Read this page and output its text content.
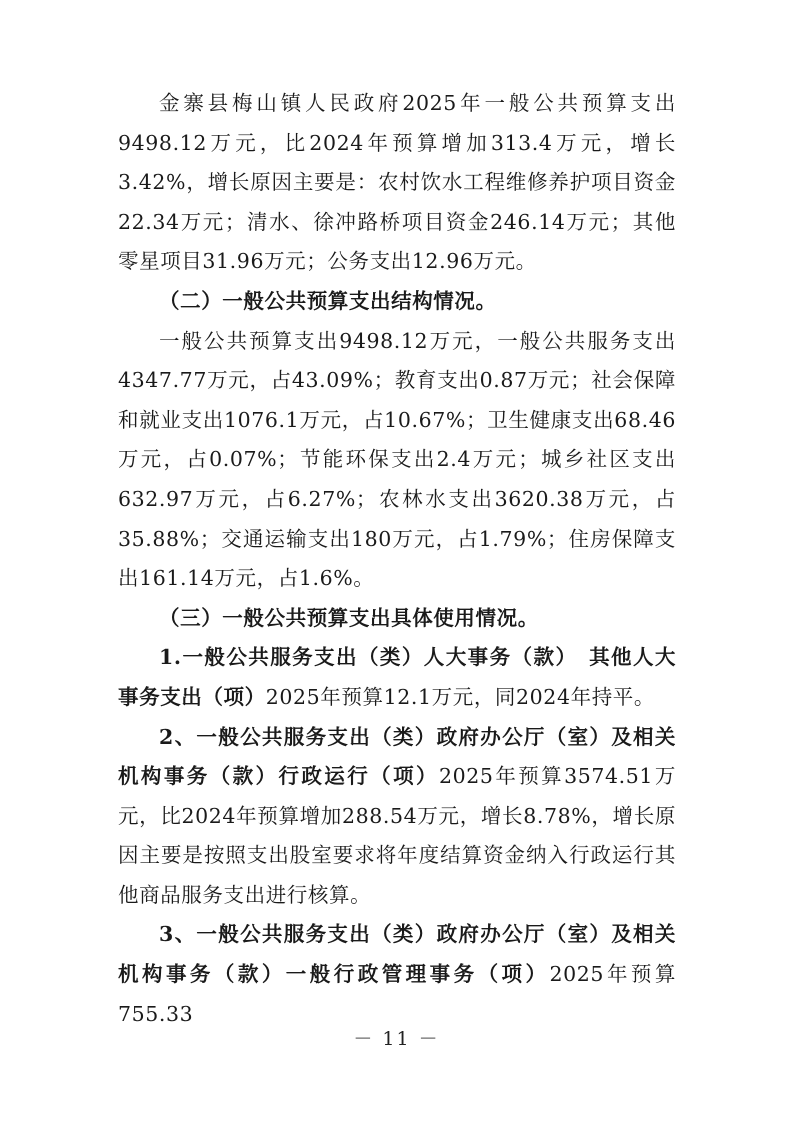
金寨县梅山镇人民政府2025年一般公共预算支出9498.12万元，比2024年预算增加313.4万元，增长3.42%，增长原因主要是：农村饮水工程维修养护项目资金22.34万元；清水、徐冲路桥项目资金246.14万元；其他零星项目31.96万元；公务支出12.96万元。

（二）一般公共预算支出结构情况。

一般公共预算支出9498.12万元，一般公共服务支出4347.77万元，占43.09%；教育支出0.87万元；社会保障和就业支出1076.1万元，占10.67%；卫生健康支出68.46万元，占0.07%；节能环保支出2.4万元；城乡社区支出632.97万元，占6.27%；农林水支出3620.38万元，占35.88%；交通运输支出180万元，占1.79%；住房保障支出161.14万元，占1.6%。

（三）一般公共预算支出具体使用情况。

1.一般公共服务支出（类）人大事务（款）　其他人大事务支出（项）2025年预算12.1万元，同2024年持平。

2、一般公共服务支出（类）政府办公厅（室）及相关机构事务（款）行政运行（项）2025年预算3574.51万元，比2024年预算增加288.54万元，增长8.78%，增长原因主要是按照支出股室要求将年度结算资金纳入行政运行其他商品服务支出进行核算。

3、一般公共服务支出（类）政府办公厅（室）及相关机构事务（款）一般行政管理事务（项）2025年预算755.33

－ 11 －
